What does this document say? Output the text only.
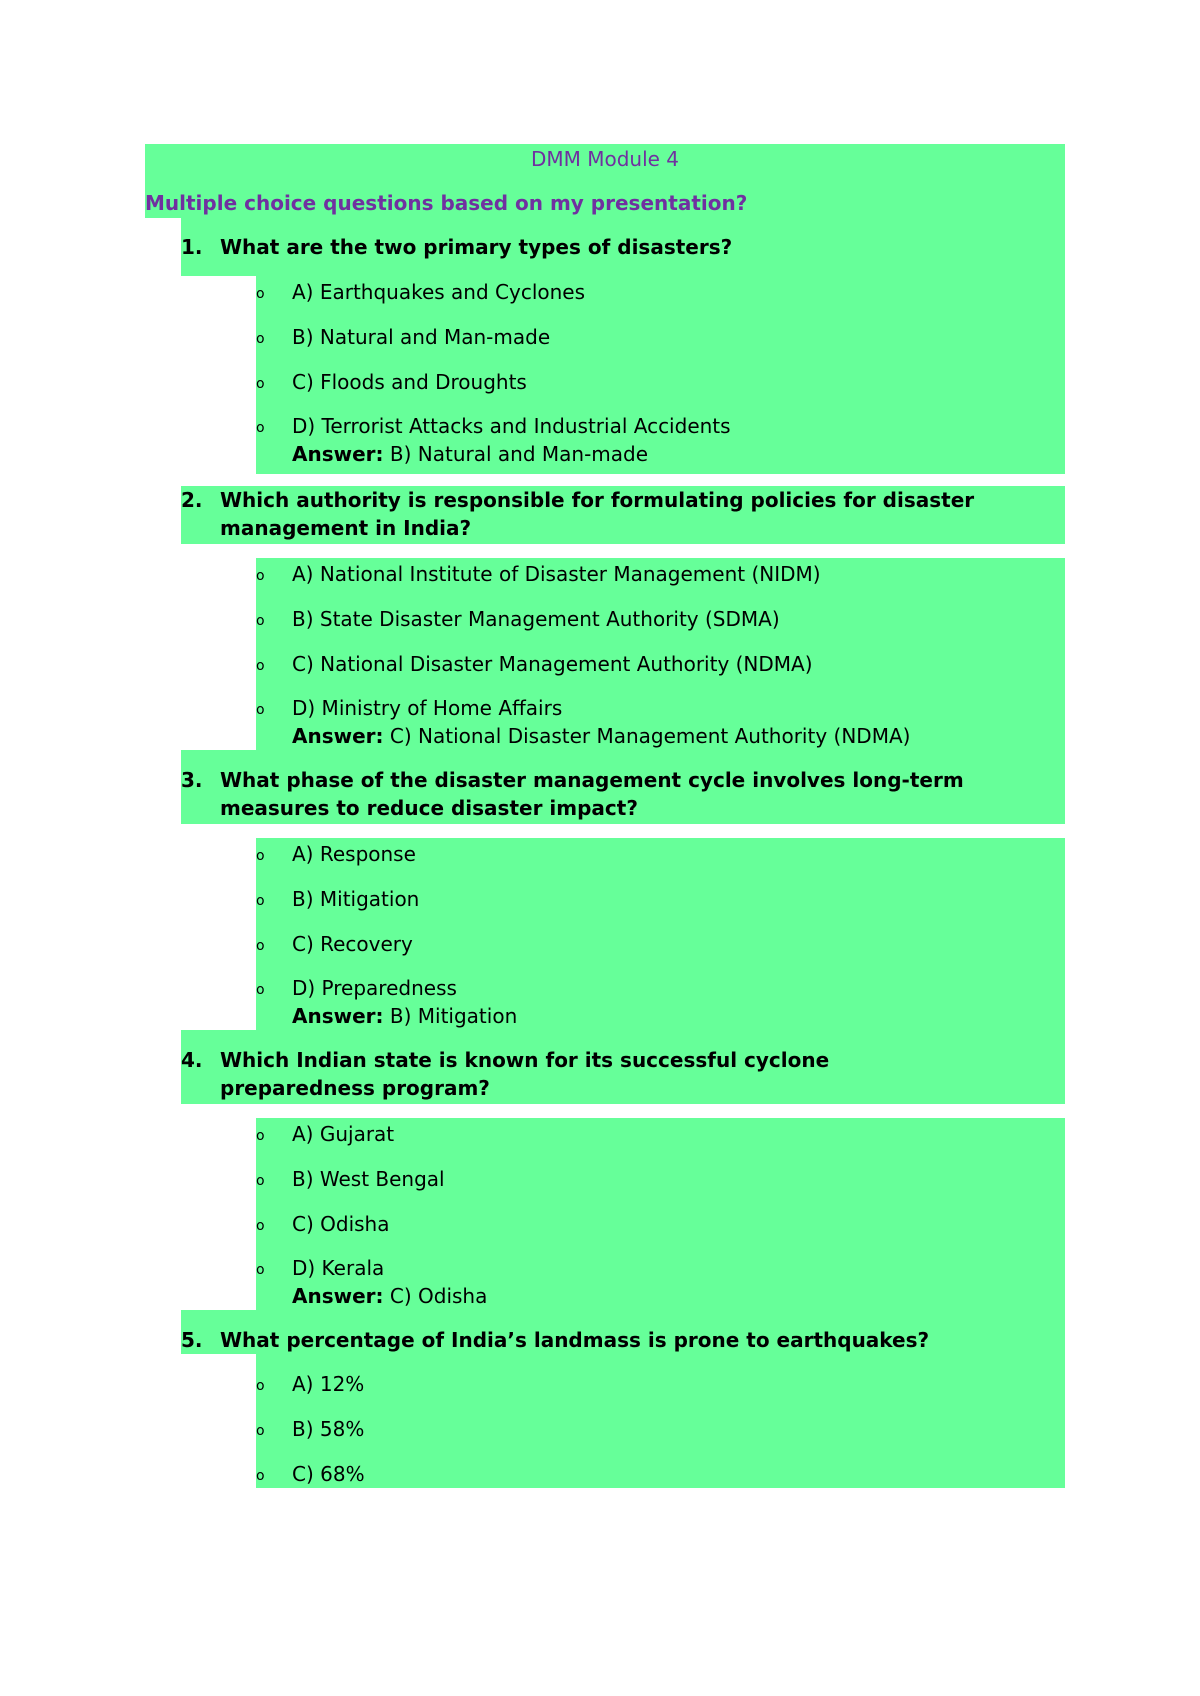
DMM Module 4
Multiple choice questions based on my presentation?
1. What are the two primary types of disasters?
o A) Earthquakes and Cyclones
o B) Natural and Man-made
o C) Floods and Droughts
o D) Terrorist Attacks and Industrial Accidents
Answer: B) Natural and Man-made
2. Which authority is responsible for formulating policies for disaster
management in India?
o A) National Institute of Disaster Management (NIDM)
o B) State Disaster Management Authority (SDMA)
o C) National Disaster Management Authority (NDMA)
o D) Ministry of Home Affairs
Answer: C) National Disaster Management Authority (NDMA)
3. What phase of the disaster management cycle involves long-term
measures to reduce disaster impact?
o A) Response
o B) Mitigation
o C) Recovery
o D) Preparedness
Answer: B) Mitigation
4. Which Indian state is known for its successful cyclone
preparedness program?
o A) Gujarat
o B) West Bengal
o C) Odisha
o D) Kerala
Answer: C) Odisha
5. What percentage of India’s landmass is prone to earthquakes?
o A) 12%
o B) 58%
o C) 68%
